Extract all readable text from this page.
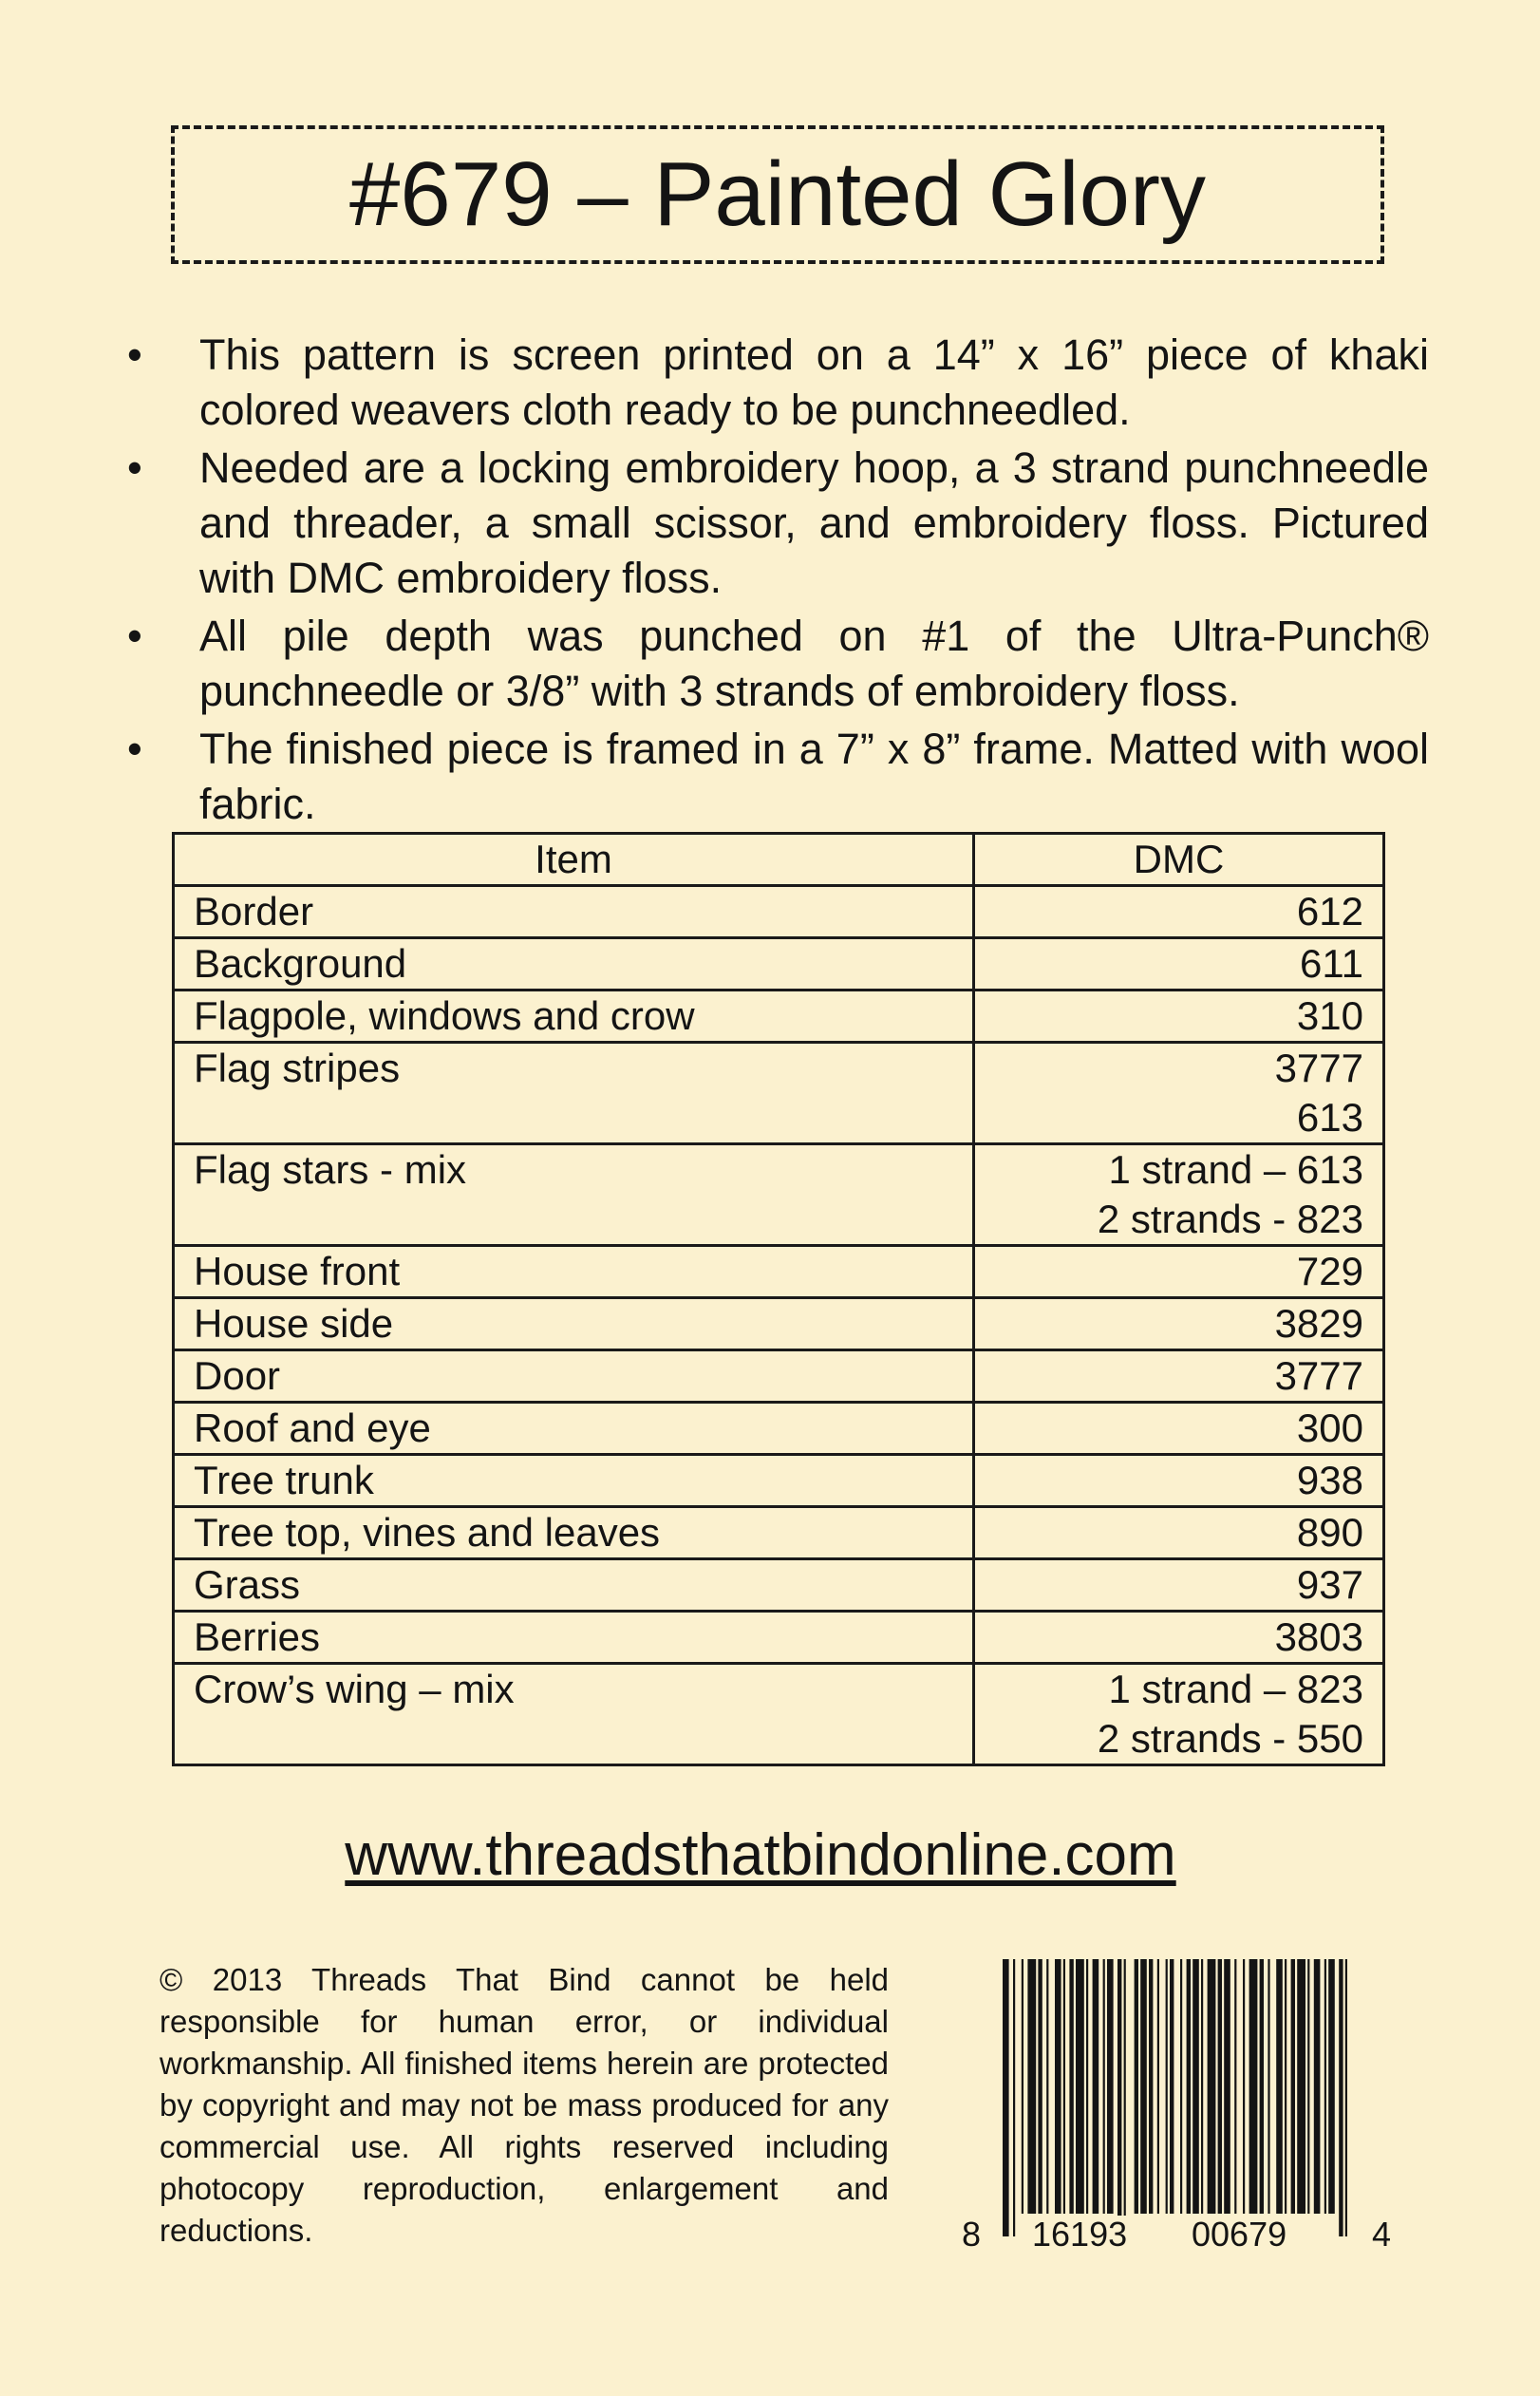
#679 – Painted Glory
• This pattern is screen printed on a 14” x 16” piece of khaki colored weavers cloth ready to be punchneedled.
• Needed are a locking embroidery hoop, a 3 strand punchneedle and threader, a small scissor, and embroidery floss. Pictured with DMC embroidery floss.
• All pile depth was punched on #1 of the Ultra-Punch® punchneedle or 3/8” with 3 strands of embroidery floss.
• The finished piece is framed in a 7” x 8” frame. Matted with wool fabric.
Item	DMC
Border	612
Background	611
Flagpole, windows and crow	310
Flag stripes	3777
613
Flag stars - mix	1 strand – 613
2 strands - 823
House front	729
House side	3829
Door	3777
Roof and eye	300
Tree trunk	938
Tree top, vines and leaves	890
Grass	937
Berries	3803
Crow’s wing – mix	1 strand – 823
2 strands - 550
www.threadsthatbindonline.com

© 2013 Threads That Bind cannot be held responsible for human error, or individual workmanship. All finished items herein are protected by copyright and may not be mass produced for any commercial use. All rights reserved including photocopy reproduction, enlargement and reductions.	8 16193 00679 4
